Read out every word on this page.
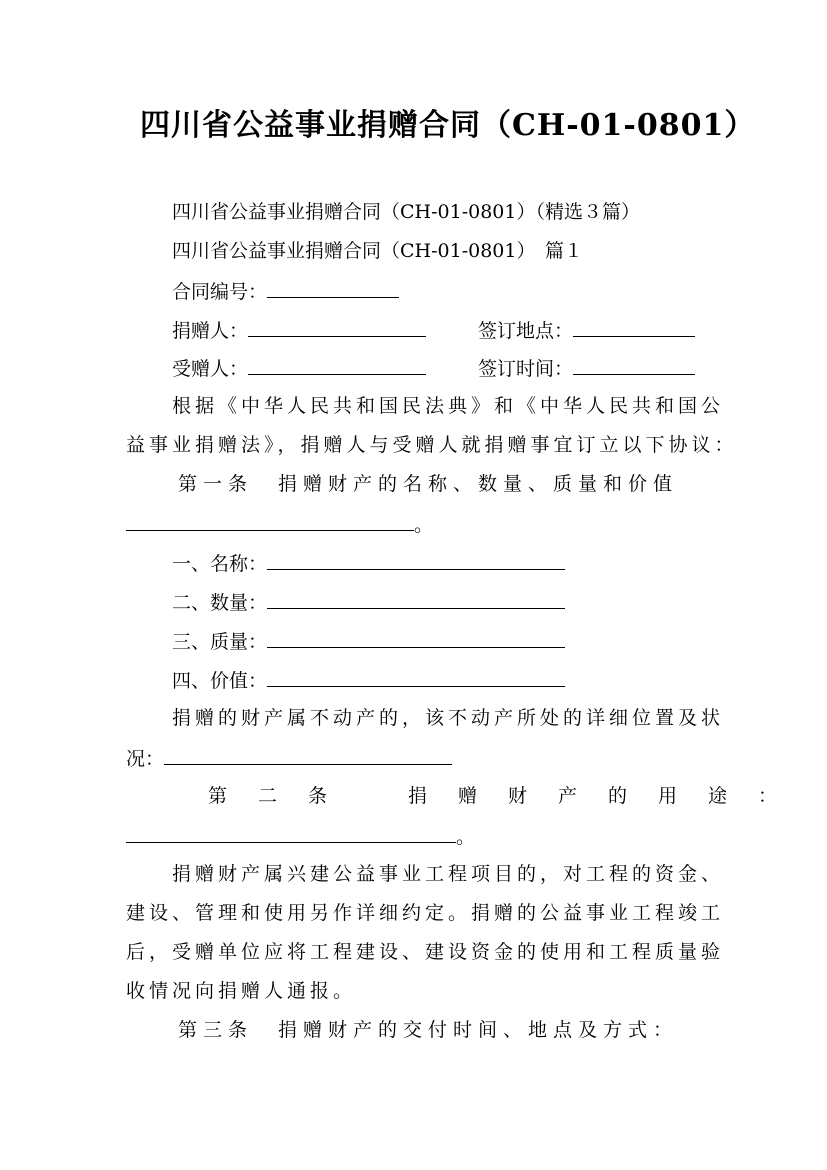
四川省公益事业捐赠合同（CH-01-0801）
四川省公益事业捐赠合同（CH-01-0801）（精选３篇）
四川省公益事业捐赠合同（CH-01-0801）　篇１
合同编号：
捐赠人：	签订地点：
受赠人：	签订时间：
根据《中华人民共和国民法典》和《中华人民共和国公
益事业捐赠法》，捐赠人与受赠人就捐赠事宜订立以下协议：
第一条　捐赠财产的名称、数量、质量和价值
。
一、名称：
二、数量：
三、质量：
四、价值：
捐赠的财产属不动产的，该不动产所处的详细位置及状
况：
第　二　条　　　捐　赠　财　产　的　用　途　：
。
捐赠财产属兴建公益事业工程项目的，对工程的资金、
建设、管理和使用另作详细约定。捐赠的公益事业工程竣工
后，受赠单位应将工程建设、建设资金的使用和工程质量验
收情况向捐赠人通报。
第三条　捐赠财产的交付时间、地点及方式：
